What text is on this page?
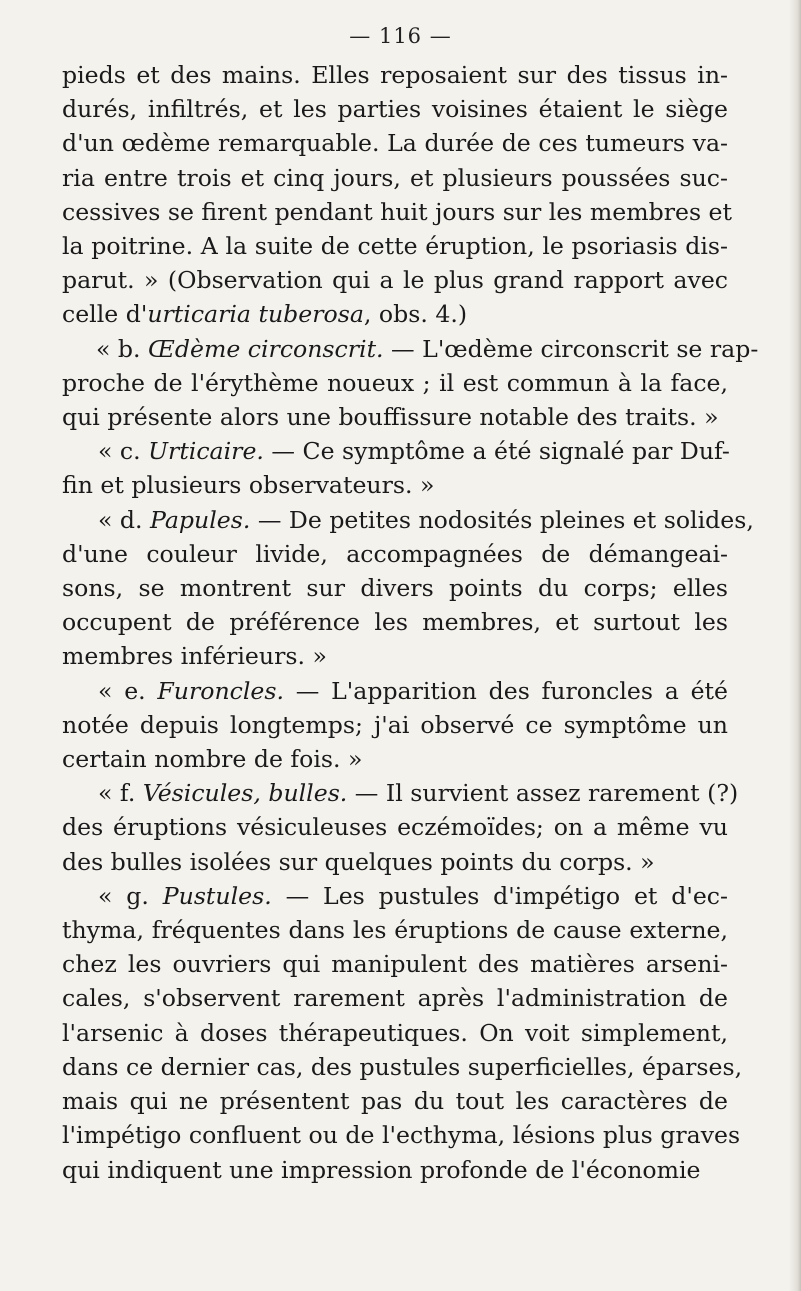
— 116 —
pieds et des mains. Elles reposaient sur des tissus in-
durés, infiltrés, et les parties voisines étaient le siège
d'un œdème remarquable. La durée de ces tumeurs va-
ria entre trois et cinq jours, et plusieurs poussées suc-
cessives se firent pendant huit jours sur les membres et
la poitrine. A la suite de cette éruption, le psoriasis dis-
parut. » (Observation qui a le plus grand rapport avec
celle d'urticaria tuberosa, obs. 4.)
« b. Œdème circonscrit. — L'œdème circonscrit se rap-
proche de l'érythème noueux ; il est commun à la face,
qui présente alors une bouffissure notable des traits. »
« c. Urticaire. — Ce symptôme a été signalé par Duf-
fin et plusieurs observateurs. »
« d. Papules. — De petites nodosités pleines et solides,
d'une couleur livide, accompagnées de démangeai-
sons, se montrent sur divers points du corps; elles
occupent de préférence les membres, et surtout les
membres inférieurs. »
« e. Furoncles. — L'apparition des furoncles a été
notée depuis longtemps; j'ai observé ce symptôme un
certain nombre de fois. »
« f. Vésicules, bulles. — Il survient assez rarement (?)
des éruptions vésiculeuses eczémoïdes; on a même vu
des bulles isolées sur quelques points du corps. »
« g. Pustules. — Les pustules d'impétigo et d'ec-
thyma, fréquentes dans les éruptions de cause externe,
chez les ouvriers qui manipulent des matières arseni-
cales, s'observent rarement après l'administration de
l'arsenic à doses thérapeutiques. On voit simplement,
dans ce dernier cas, des pustules superficielles, éparses,
mais qui ne présentent pas du tout les caractères de
l'impétigo confluent ou de l'ecthyma, lésions plus graves
qui indiquent une impression profonde de l'économie
